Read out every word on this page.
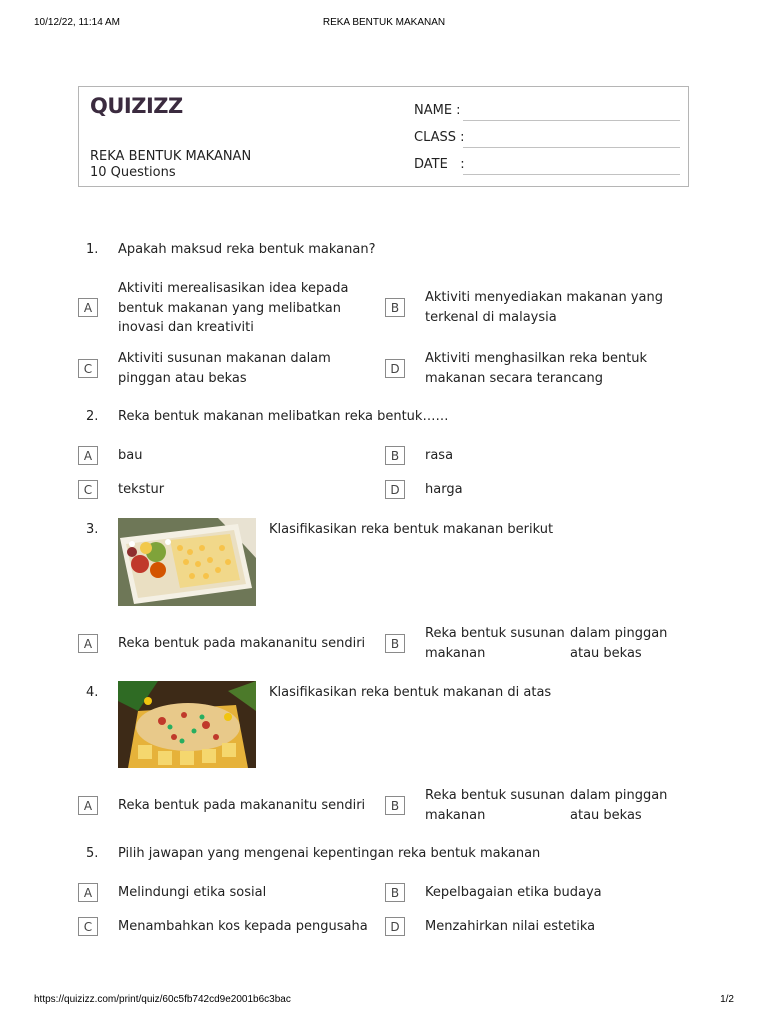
10/12/22, 11:14 AM	REKA BENTUK MAKANAN
https://quizizz.com/print/quiz/60c5fb742cd9e2001b6c3bac	1/2
QUIZIZZ
REKA BENTUK MAKANAN
10 Questions
NAME :
CLASS :
DATE   :
1. Apakah maksud reka bentuk makanan?
A
Aktiviti merealisasikan idea kepada bentuk makanan yang melibatkan inovasi dan kreativiti
B
Aktiviti menyediakan makanan yang terkenal di malaysia
C
Aktiviti susunan makanan dalam pinggan atau bekas
D
Aktiviti menghasilkan reka bentuk makanan secara terancang
2. Reka bentuk makanan melibatkan reka bentuk……
A	bau	B	rasa
C	tekstur	D	harga
3.	Klasifikasikan reka bentuk makanan berikut
A	Reka bentuk pada makananitu sendiri	B
Reka bentuk susunan makanan
dalam pinggan atau bekas
4.	Klasifikasikan reka bentuk makanan di atas
A	Reka bentuk pada makananitu sendiri	B
Reka bentuk susunan makanan
dalam pinggan atau bekas
5. Pilih jawapan yang mengenai kepentingan reka bentuk makanan
A	Melindungi etika sosial	B	Kepelbagaian etika budaya
C	Menambahkan kos kepada pengusaha	D	Menzahirkan nilai estetika
